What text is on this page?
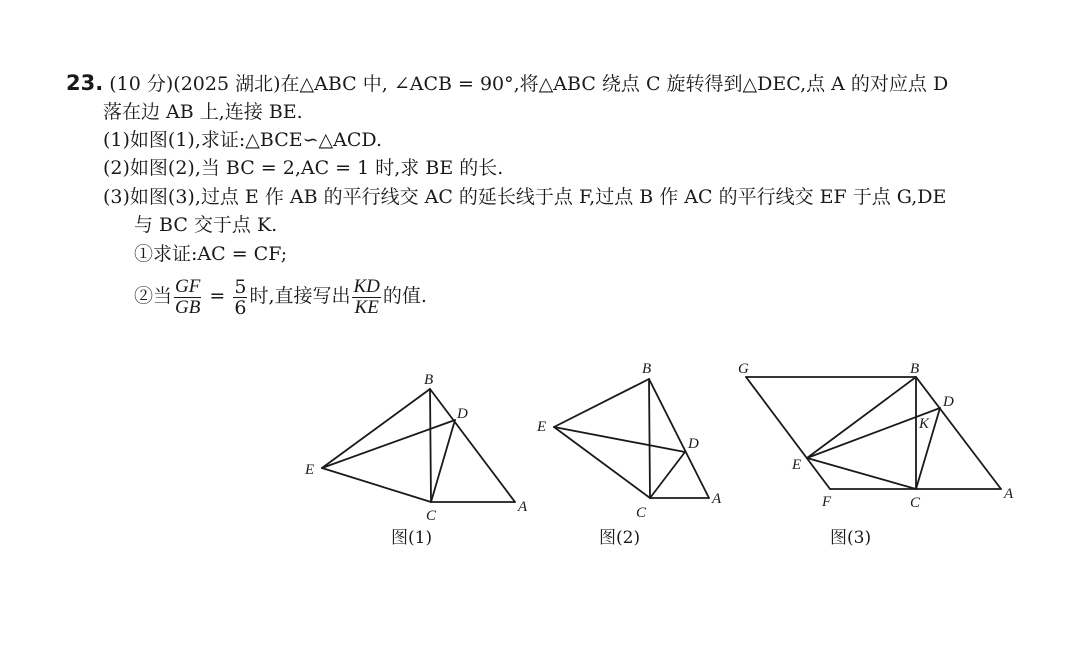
23. (10 分)(2025 湖北)在△ABC 中, ∠ACB = 90°,将△ABC 绕点 C 旋转得到△DEC,点 A 的对应点 D
落在边 AB 上,连接 BE.
(1)如图(1),求证:△BCE∽△ACD.
(2)如图(2),当 BC = 2,AC = 1 时,求 BE 的长.
(3)如图(3),过点 E 作 AB 的平行线交 AC 的延长线于点 F,过点 B 作 AC 的平行线交 EF 于点 G,DE
与 BC 交于点 K.
①求证:AC = CF;
②当 $\frac{GF}{GB} = \frac{5}{6}$ 时,直接写出 $\frac{KD}{KE}$ 的值.
B
D
E
C
A
图(1)
B
D
E
C
A
图(2)
G	B
D
K
E
F	C
A
图(3)
